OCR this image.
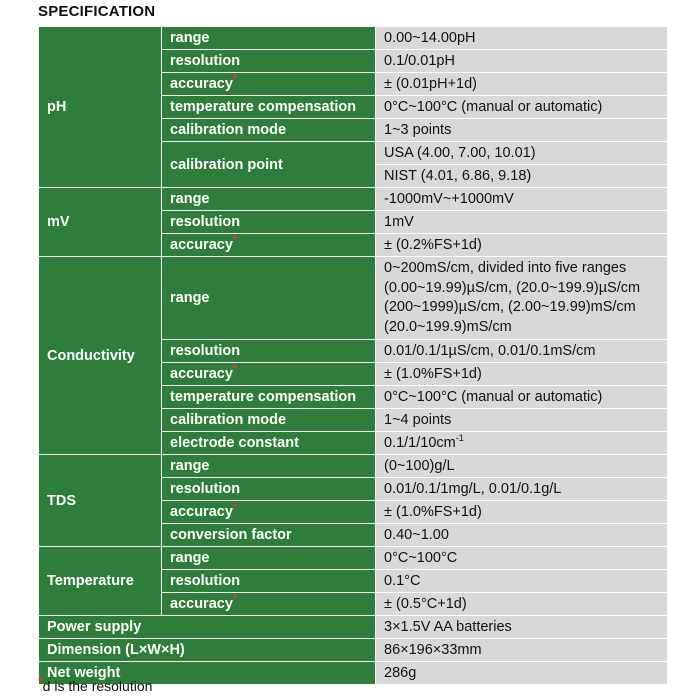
SPECIFICATION
pH	range	0.00~14.00pH
	resolution	0.1/0.01pH
	accuracy*	± (0.01pH+1d)
	temperature compensation	0°C~100°C (manual or automatic)
	calibration mode	1~3 points
	calibration point	USA (4.00, 7.00, 10.01)
		NIST (4.01, 6.86, 9.18)
mV	range	-1000mV~+1000mV
	resolution	1mV
	accuracy*	± (0.2%FS+1d)
Conductivity	range	0~200mS/cm, divided into five ranges
(0.00~19.99)µS/cm, (20.0~199.9)µS/cm
(200~1999)µS/cm, (2.00~19.99)mS/cm
(20.0~199.9)mS/cm

	resolution	0.01/0.1/1µS/cm, 0.01/0.1mS/cm
	accuracy*	± (1.0%FS+1d)
	temperature compensation	0°C~100°C (manual or automatic)
	calibration mode	1~4 points
	electrode constant	$0.1/1/10cm^{-1}$
TDS	range	(0~100)g/L
	resolution	0.01/0.1/1mg/L, 0.01/0.1g/L
	accuracy*	± (1.0%FS+1d)
	conversion factor	0.40~1.00
Temperature	range	0°C~100°C
	resolution	0.1°C
	accuracy*	± (0.5°C+1d)
Power supply		3×1.5V AA batteries
Dimension (L×W×H)		86×196×33mm
Net weight		286g
*d is the resolution
